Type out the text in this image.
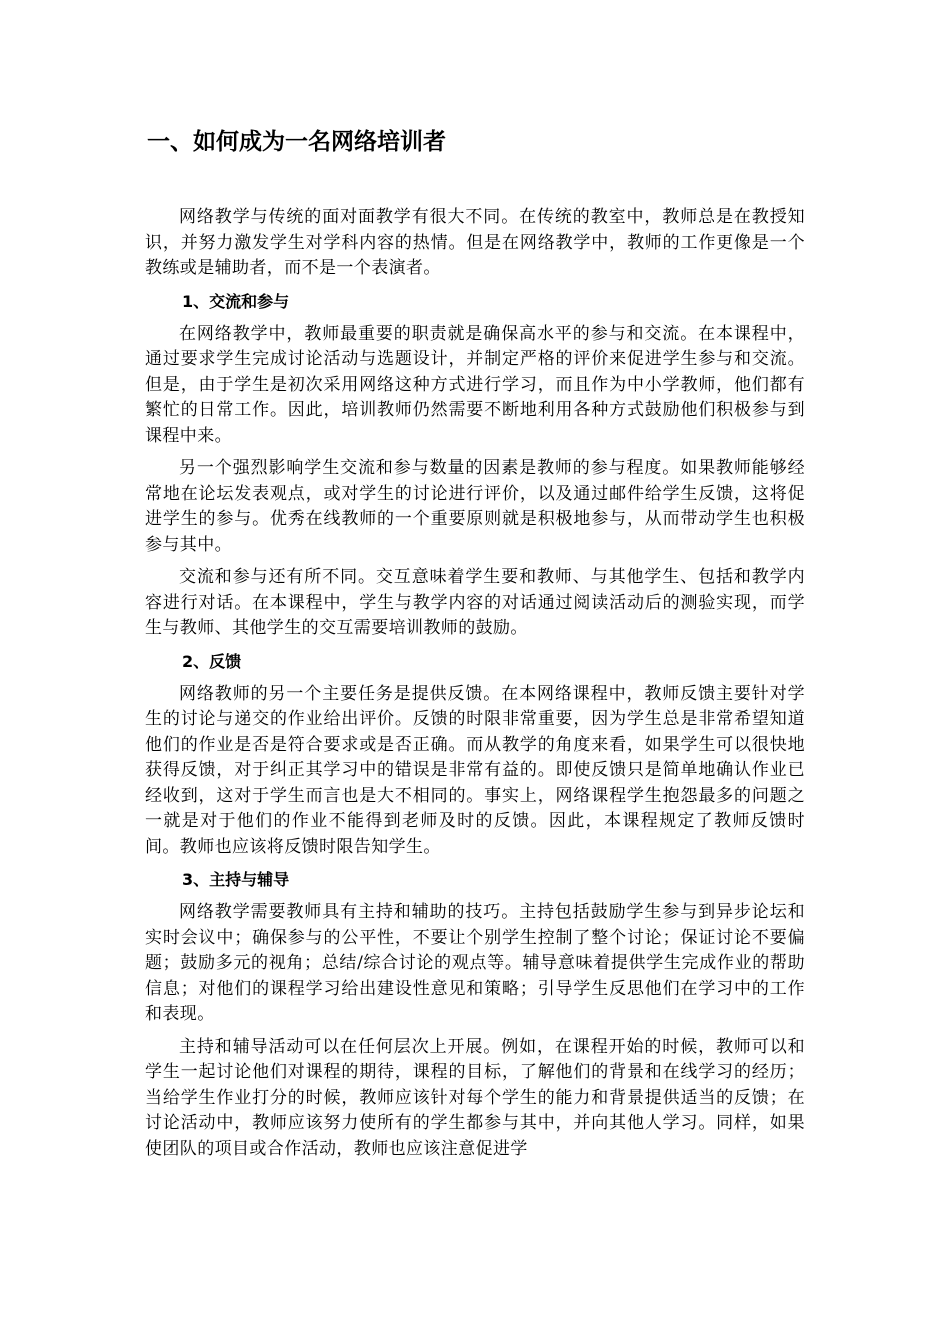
一、如何成为一名网络培训者

网络教学与传统的面对面教学有很大不同。在传统的教室中，教师总是在教授知识，并努力激发学生对学科内容的热情。但是在网络教学中，教师的工作更像是一个教练或是辅助者，而不是一个表演者。

1、交流和参与

在网络教学中，教师最重要的职责就是确保高水平的参与和交流。在本课程中，通过要求学生完成讨论活动与选题设计，并制定严格的评价来促进学生参与和交流。但是，由于学生是初次采用网络这种方式进行学习，而且作为中小学教师，他们都有繁忙的日常工作。因此，培训教师仍然需要不断地利用各种方式鼓励他们积极参与到课程中来。

另一个强烈影响学生交流和参与数量的因素是教师的参与程度。如果教师能够经常地在论坛发表观点，或对学生的讨论进行评价，以及通过邮件给学生反馈，这将促进学生的参与。优秀在线教师的一个重要原则就是积极地参与，从而带动学生也积极参与其中。

交流和参与还有所不同。交互意味着学生要和教师、与其他学生、包括和教学内容进行对话。在本课程中，学生与教学内容的对话通过阅读活动后的测验实现，而学生与教师、其他学生的交互需要培训教师的鼓励。

2、反馈

网络教师的另一个主要任务是提供反馈。在本网络课程中，教师反馈主要针对学生的讨论与递交的作业给出评价。反馈的时限非常重要，因为学生总是非常希望知道他们的作业是否是符合要求或是否正确。而从教学的角度来看，如果学生可以很快地获得反馈，对于纠正其学习中的错误是非常有益的。即使反馈只是简单地确认作业已经收到，这对于学生而言也是大不相同的。事实上，网络课程学生抱怨最多的问题之一就是对于他们的作业不能得到老师及时的反馈。因此，本课程规定了教师反馈时间。教师也应该将反馈时限告知学生。

3、主持与辅导

网络教学需要教师具有主持和辅助的技巧。主持包括鼓励学生参与到异步论坛和实时会议中；确保参与的公平性，不要让个别学生控制了整个讨论；保证讨论不要偏题；鼓励多元的视角；总结/综合讨论的观点等。辅导意味着提供学生完成作业的帮助信息；对他们的课程学习给出建设性意见和策略；引导学生反思他们在学习中的工作和表现。

主持和辅导活动可以在任何层次上开展。例如，在课程开始的时候，教师可以和学生一起讨论他们对课程的期待，课程的目标，了解他们的背景和在线学习的经历；当给学生作业打分的时候，教师应该针对每个学生的能力和背景提供适当的反馈；在讨论活动中，教师应该努力使所有的学生都参与其中，并向其他人学习。同样，如果使团队的项目或合作活动，教师也应该注意促进学
